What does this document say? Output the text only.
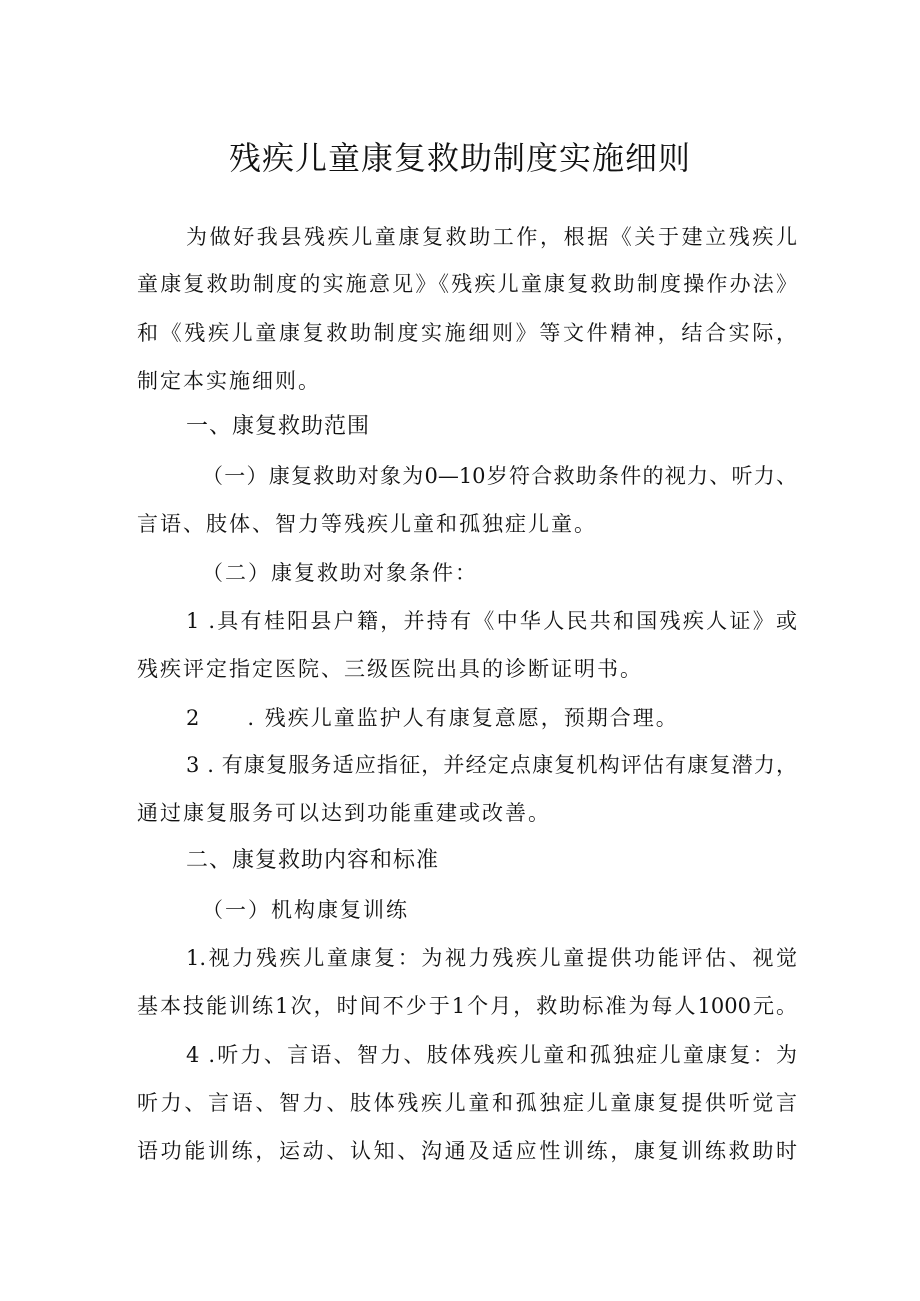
残疾儿童康复救助制度实施细则
为做好我县残疾儿童康复救助工作，根据《关于建立残疾儿
童康复救助制度的实施意见》《残疾儿童康复救助制度操作办法》
和《残疾儿童康复救助制度实施细则》等文件精神，结合实际，
制定本实施细则。
一、康复救助范围
（一）康复救助对象为0—10岁符合救助条件的视力、听力、
言语、肢体、智力等残疾儿童和孤独症儿童。
（二）康复救助对象条件：
1 .具有桂阳县户籍，并持有《中华人民共和国残疾人证》或
残疾评定指定医院、三级医院出具的诊断证明书。
2　　. 残疾儿童监护人有康复意愿，预期合理。
3 . 有康复服务适应指征，并经定点康复机构评估有康复潜力，
通过康复服务可以达到功能重建或改善。
二、康复救助内容和标准
（一）机构康复训练
1.视力残疾儿童康复：为视力残疾儿童提供功能评估、视觉
基本技能训练1次，时间不少于1个月，救助标准为每人1000元。
4 .听力、言语、智力、肢体残疾儿童和孤独症儿童康复：为
听力、言语、智力、肢体残疾儿童和孤独症儿童康复提供听觉言
语功能训练，运动、认知、沟通及适应性训练，康复训练救助时
